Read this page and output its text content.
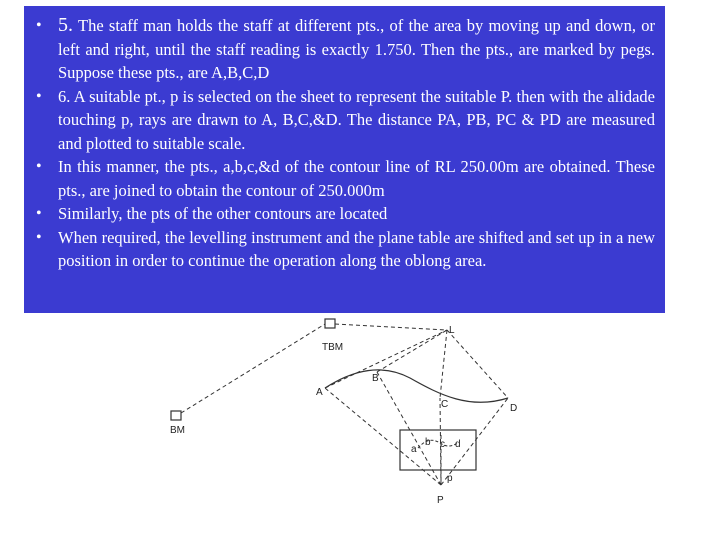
• 5. The staff man holds the staff at different pts., of the area by moving up and down, or left and right, until the staff reading is exactly 1.750. Then the pts., are marked by pegs. Suppose these pts., are A,B,C,D
• 6. A suitable pt., p is selected on the sheet to represent the suitable P. then with the alidade touching p, rays are drawn to A, B,C,&D. The distance PA, PB, PC & PD are measured and plotted to suitable scale.
• In this manner, the pts., a,b,c,&d of the contour line of RL 250.00m are obtained. These pts., are joined to obtain the contour of 250.000m
• Similarly, the pts of the other contours are located
• When required, the levelling instrument and the plane table are shifted and set up in a new position in order to continue the operation along the oblong area.
TBM
BM
L
A
B
C	D
a
b c d
p
P
